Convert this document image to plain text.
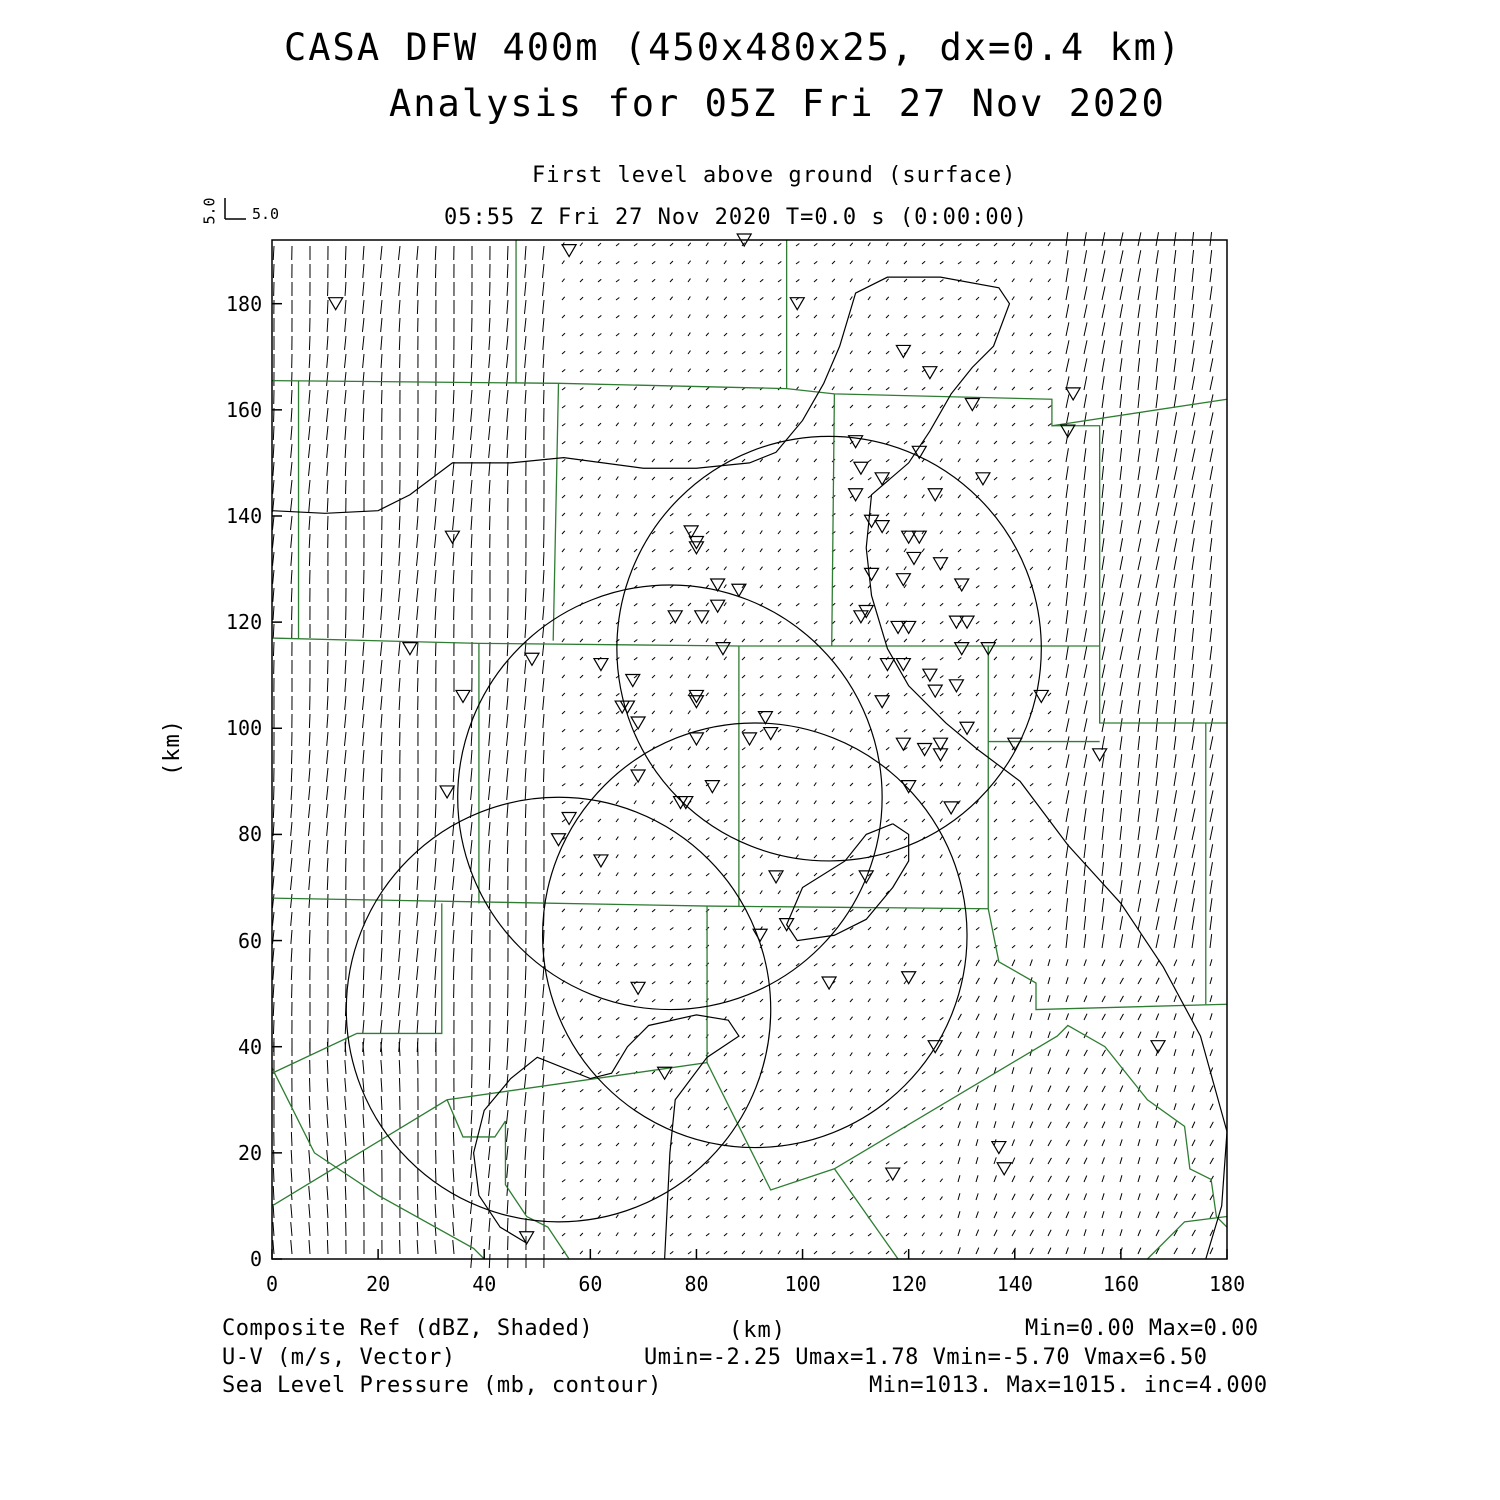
CASA DFW 400m (450x480x25, dx=0.4 km)
Analysis for 05Z Fri 27 Nov 2020
First level above ground (surface)
05:55 Z Fri 27 Nov 2020 T=0.0 s (0:00:00)
5.0
5.0
(km)
0	20	40	60	80	100	120	140	160	180
0
20
40
60
80
100
120
140
160
180
(km)
Composite Ref (dBZ, Shaded)	Min=0.00 Max=0.00
U-V (m/s, Vector)	Umin=-2.25 Umax=1.78 Vmin=-5.70 Vmax=6.50
Sea Level Pressure (mb, contour)	Min=1013. Max=1015. inc=4.000
